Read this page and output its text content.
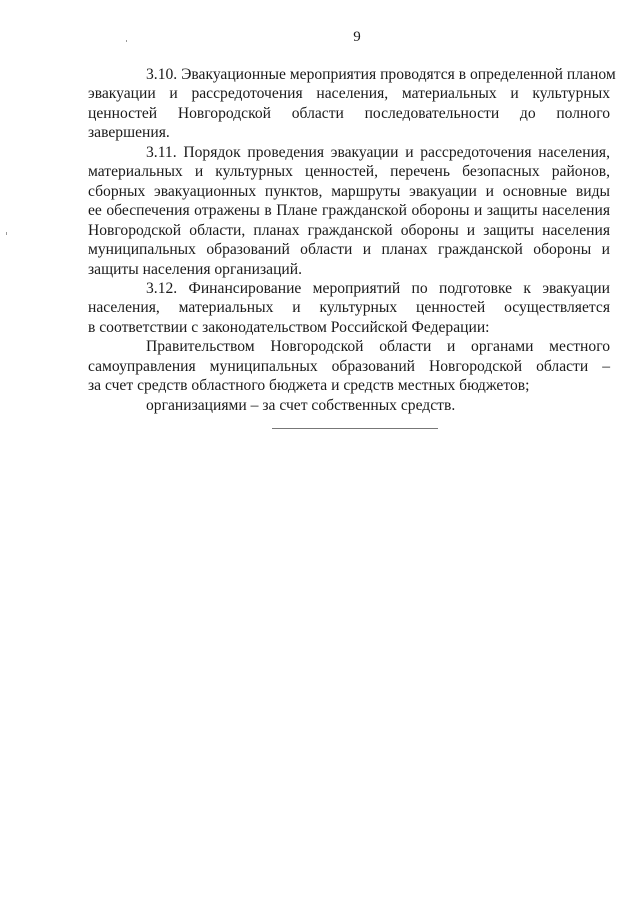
9
3.10. Эвакуационные мероприятия проводятся в определенной планом
эвакуации и рассредоточения населения, материальных и культурных
ценностей Новгородской области последовательности до полного
завершения.
3.11. Порядок проведения эвакуации и рассредоточения населения,
материальных и культурных ценностей, перечень безопасных районов,
сборных эвакуационных пунктов, маршруты эвакуации и основные виды
ее обеспечения отражены в Плане гражданской обороны и защиты населения
Новгородской области, планах гражданской обороны и защиты населения
муниципальных образований области и планах гражданской обороны и
защиты населения организаций.
3.12. Финансирование мероприятий по подготовке к эвакуации
населения, материальных и культурных ценностей осуществляется
в соответствии с законодательством Российской Федерации:
Правительством Новгородской области и органами местного
самоуправления муниципальных образований Новгородской области –
за счет средств областного бюджета и средств местных бюджетов;
организациями – за счет собственных средств.
